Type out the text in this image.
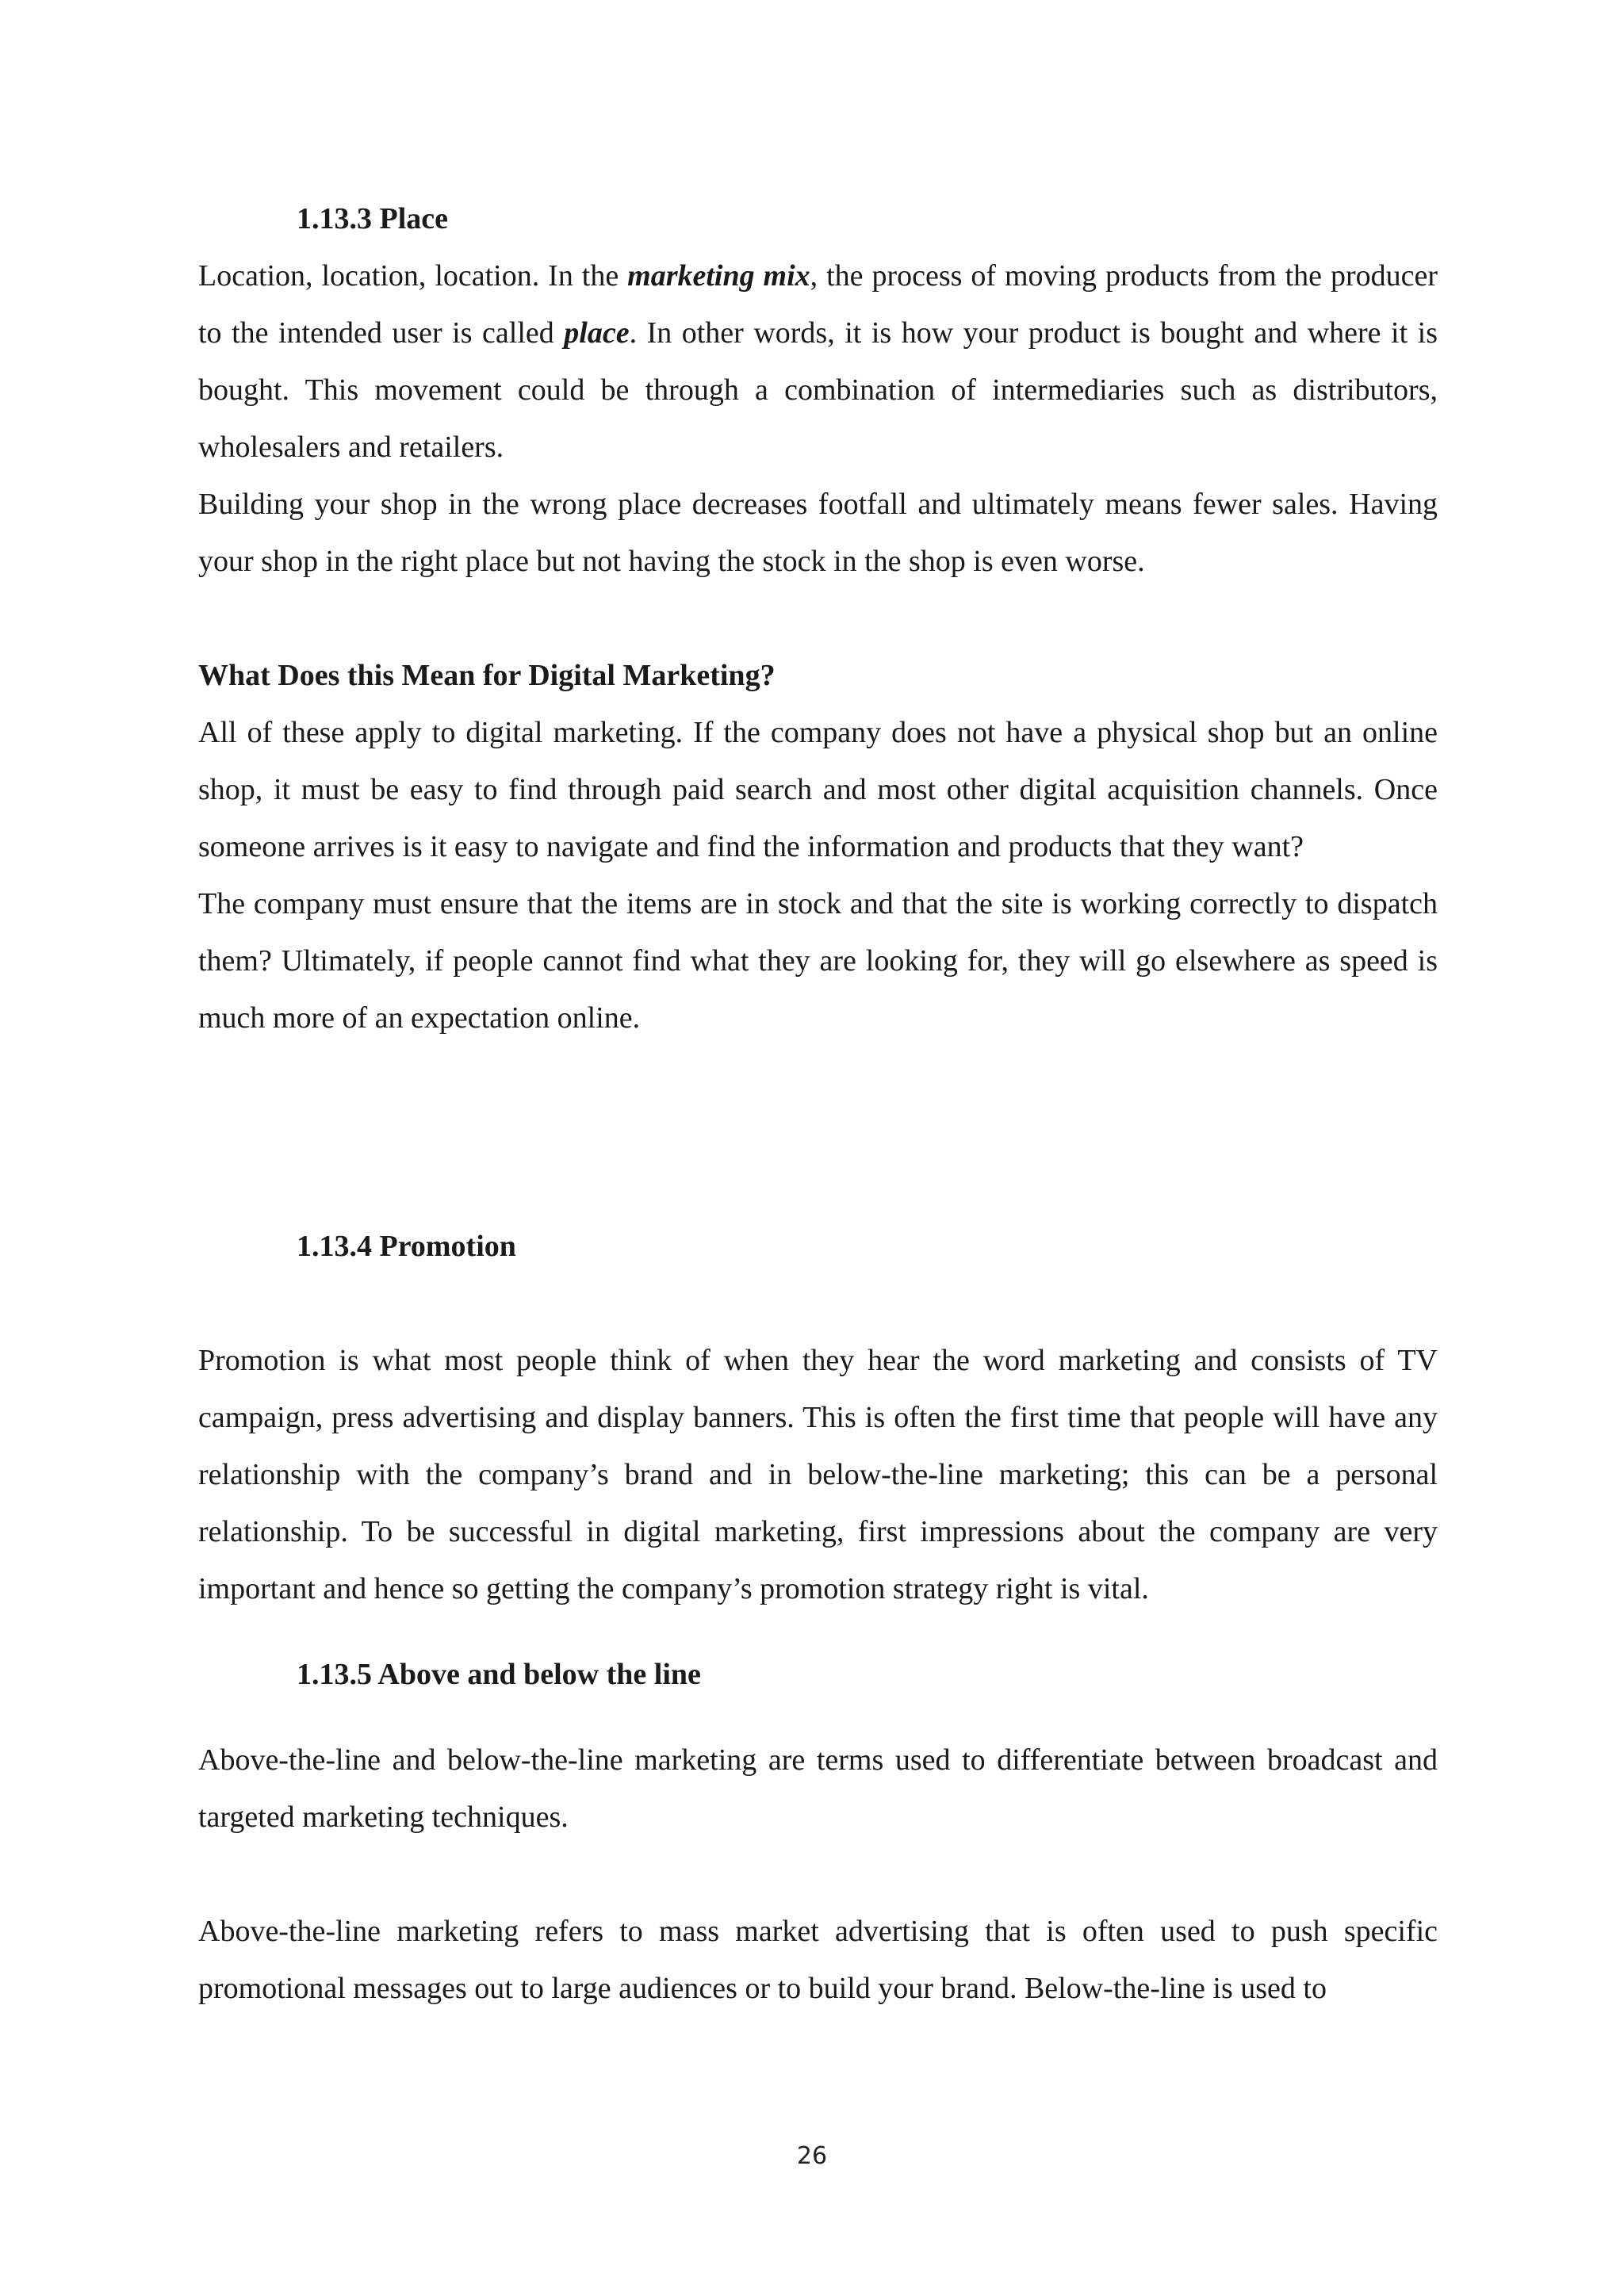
1.13.3 Place

Location, location, location. In the marketing mix, the process of moving products from the producer to the intended user is called place. In other words, it is how your product is bought and where it is bought. This movement could be through a combination of intermediaries such as distributors, wholesalers and retailers.

Building your shop in the wrong place decreases footfall and ultimately means fewer sales. Having your shop in the right place but not having the stock in the shop is even worse.

What Does this Mean for Digital Marketing?

All of these apply to digital marketing. If the company does not have a physical shop but an online shop, it must be easy to find through paid search and most other digital acquisition channels. Once someone arrives is it easy to navigate and find the information and products that they want?

The company must ensure that the items are in stock and that the site is working correctly to dispatch them? Ultimately, if people cannot find what they are looking for, they will go elsewhere as speed is much more of an expectation online.

1.13.4 Promotion

Promotion is what most people think of when they hear the word marketing and consists of TV campaign, press advertising and display banners. This is often the first time that people will have any relationship with the company’s brand and in below-the-line marketing; this can be a personal relationship. To be successful in digital marketing, first impressions about the company are very important and hence so getting the company’s promotion strategy right is vital.

1.13.5 Above and below the line

Above-the-line and below-the-line marketing are terms used to differentiate between broadcast and targeted marketing techniques.

Above-the-line marketing refers to mass market advertising that is often used to push specific promotional messages out to large audiences or to build your brand. Below-the-line is used to

26
